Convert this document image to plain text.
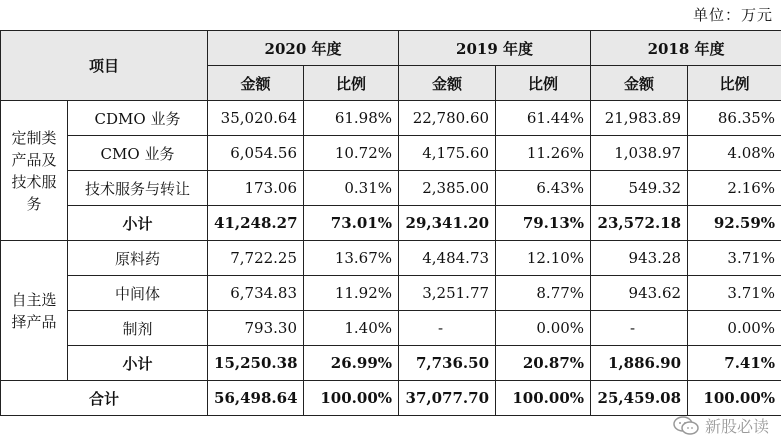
单位：万元
项目		2020 年度		2019 年度		2018 年度	
		金额	比例	金额	比例	金额	比例
定制类产品及技术服务	CDMO 业务	35,020.64	61.98%	22,780.60	61.44%	21,983.89	86.35%
	CMO 业务	6,054.56	10.72%	4,175.60	11.26%	1,038.97	4.08%
	技术服务与转让	173.06	0.31%	2,385.00	6.43%	549.32	2.16%
	小计	41,248.27	73.01%	29,341.20	79.13%	23,572.18	92.59%
自主选择产品	原料药	7,722.25	13.67%	4,484.73	12.10%	943.28	3.71%
	中间体	6,734.83	11.92%	3,251.77	8.77%	943.62	3.71%
	制剂	793.30	1.40%	-	0.00%	-	0.00%
	小计	15,250.38	26.99%	7,736.50	20.87%	1,886.90	7.41%
合计		56,498.64	100.00%	37,077.70	100.00%	25,459.08	100.00%
新股必读
